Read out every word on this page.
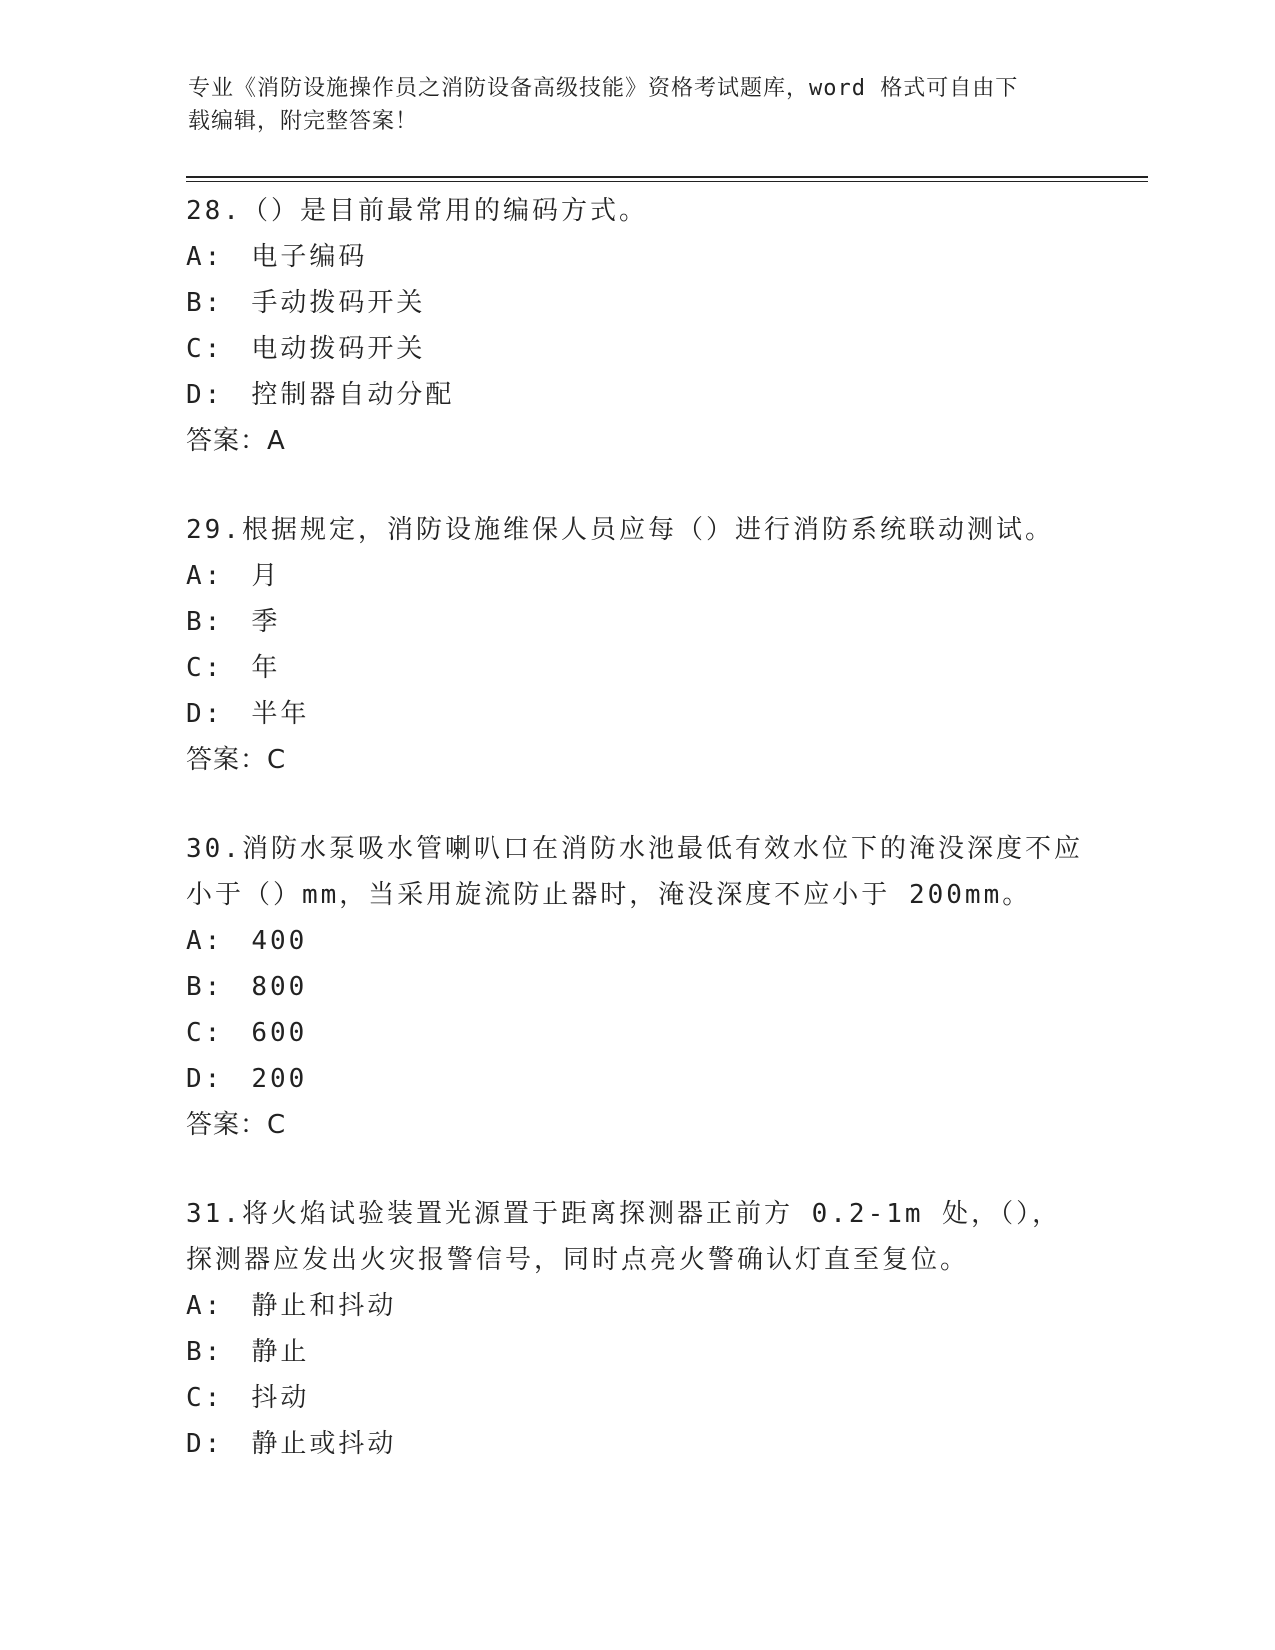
专业《消防设施操作员之消防设备高级技能》资格考试题库，word 格式可自由下
载编辑，附完整答案！

28.（）是目前最常用的编码方式。

A: 电子编码

B: 手动拨码开关

C: 电动拨码开关

D: 控制器自动分配

答案：A

29.根据规定，消防设施维保人员应每（）进行消防系统联动测试。

A: 月

B: 季

C: 年

D: 半年

答案：C

30.消防水泵吸水管喇叭口在消防水池最低有效水位下的淹没深度不应小于（）mm，当采用旋流防止器时，淹没深度不应小于 200mm。

A: 400

B: 800

C: 600

D: 200

答案：C

31.将火焰试验装置光源置于距离探测器正前方 0.2-1m 处，（），探测器应发出火灾报警信号，同时点亮火警确认灯直至复位。

A: 静止和抖动

B: 静止

C: 抖动

D: 静止或抖动
